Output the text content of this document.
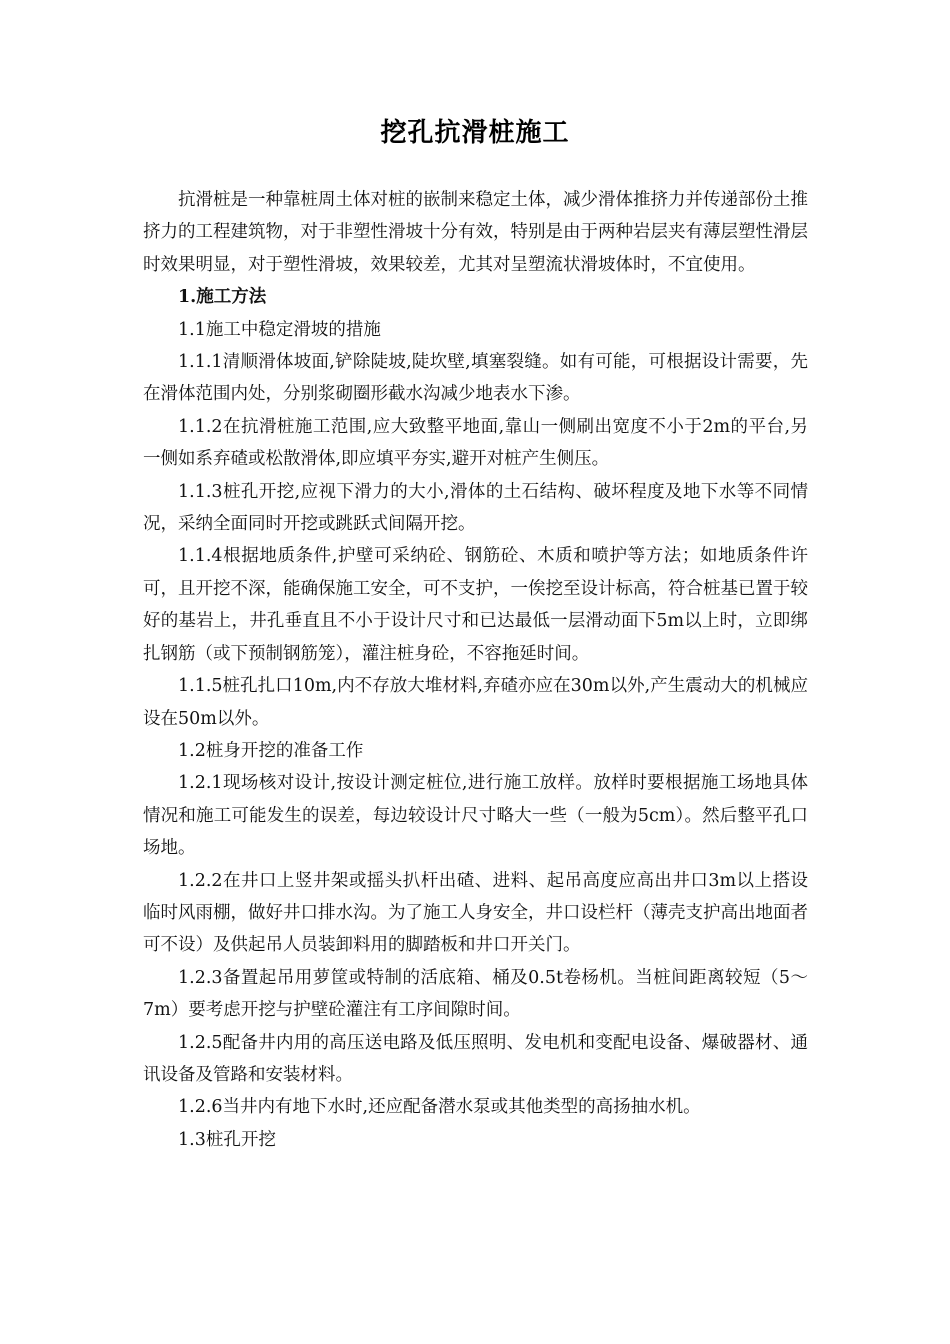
挖孔抗滑桩施工

抗滑桩是一种靠桩周土体对桩的嵌制来稳定土体，减少滑体推挤力并传递部份土推挤力的工程建筑物，对于非塑性滑坡十分有效，特别是由于两种岩层夹有薄层塑性滑层时效果明显，对于塑性滑坡，效果较差，尤其对呈塑流状滑坡体时，不宜使用。

1.施工方法

1.1施工中稳定滑坡的措施

1.1.1清顺滑体坡面,铲除陡坡,陡坎壁,填塞裂缝。如有可能，可根据设计需要，先在滑体范围内处，分别浆砌圈形截水沟减少地表水下渗。

1.1.2在抗滑桩施工范围,应大致整平地面,靠山一侧刷出宽度不小于2m的平台,另一侧如系弃碴或松散滑体,即应填平夯实,避开对桩产生侧压。

1.1.3桩孔开挖,应视下滑力的大小,滑体的土石结构、破坏程度及地下水等不同情况，采纳全面同时开挖或跳跃式间隔开挖。

1.1.4根据地质条件,护壁可采纳砼、钢筋砼、木质和喷护等方法；如地质条件许可，且开挖不深，能确保施工安全，可不支护，一俟挖至设计标高，符合桩基已置于较好的基岩上，井孔垂直且不小于设计尺寸和已达最低一层滑动面下5m以上时，立即绑扎钢筋（或下预制钢筋笼），灌注桩身砼，不容拖延时间。

1.1.5桩孔扎口10m,内不存放大堆材料,弃碴亦应在30m以外,产生震动大的机械应设在50m以外。

1.2桩身开挖的准备工作

1.2.1现场核对设计,按设计测定桩位,进行施工放样。放样时要根据施工场地具体情况和施工可能发生的误差，每边较设计尺寸略大一些（一般为5cm）。然后整平孔口场地。

1.2.2在井口上竖井架或摇头扒杆出碴、进料、起吊高度应高出井口3m以上搭设临时风雨棚，做好井口排水沟。为了施工人身安全，井口设栏杆（薄壳支护高出地面者可不设）及供起吊人员装卸料用的脚踏板和井口开关门。

1.2.3备置起吊用萝筐或特制的活底箱、桶及0.5t卷杨机。当桩间距离较短（5～7m）要考虑开挖与护壁砼灌注有工序间隙时间。

1.2.5配备井内用的高压送电路及低压照明、发电机和变配电设备、爆破器材、通讯设备及管路和安装材料。

1.2.6当井内有地下水时,还应配备潜水泵或其他类型的高扬抽水机。

1.3桩孔开挖
